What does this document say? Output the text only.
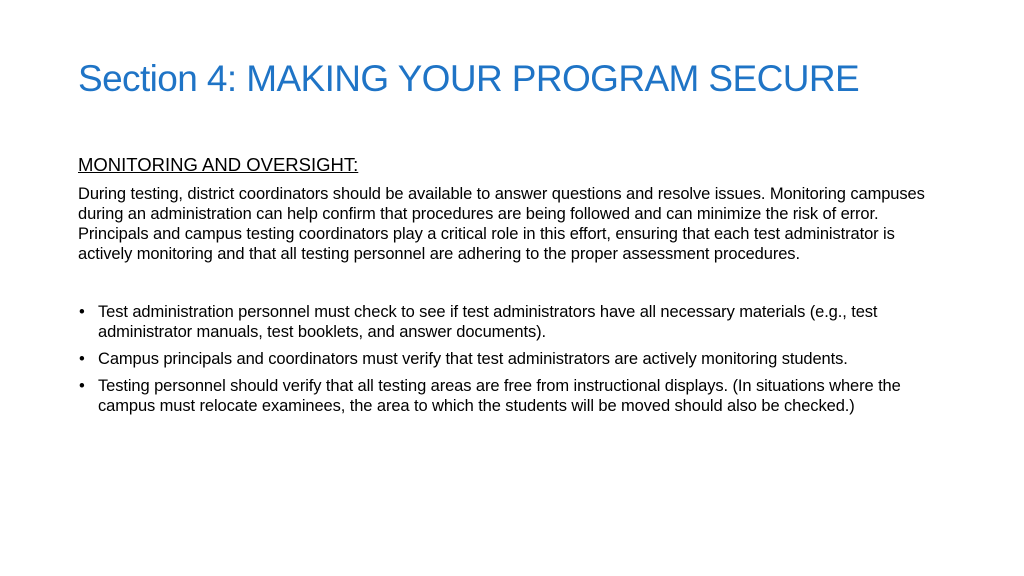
Section 4: MAKING YOUR PROGRAM SECURE
MONITORING AND OVERSIGHT:

During testing, district coordinators should be available to answer questions and resolve issues. Monitoring campuses during an administration can help confirm that procedures are being followed and can minimize the risk of error. Principals and campus testing coordinators play a critical role in this effort, ensuring that each test administrator is actively monitoring and that all testing personnel are adhering to the proper assessment procedures.

• Test administration personnel must check to see if test administrators have all necessary materials (e.g., test administrator manuals, test booklets, and answer documents).
• Campus principals and coordinators must verify that test administrators are actively monitoring students.
• Testing personnel should verify that all testing areas are free from instructional displays. (In situations where the campus must relocate examinees, the area to which the students will be moved should also be checked.)
